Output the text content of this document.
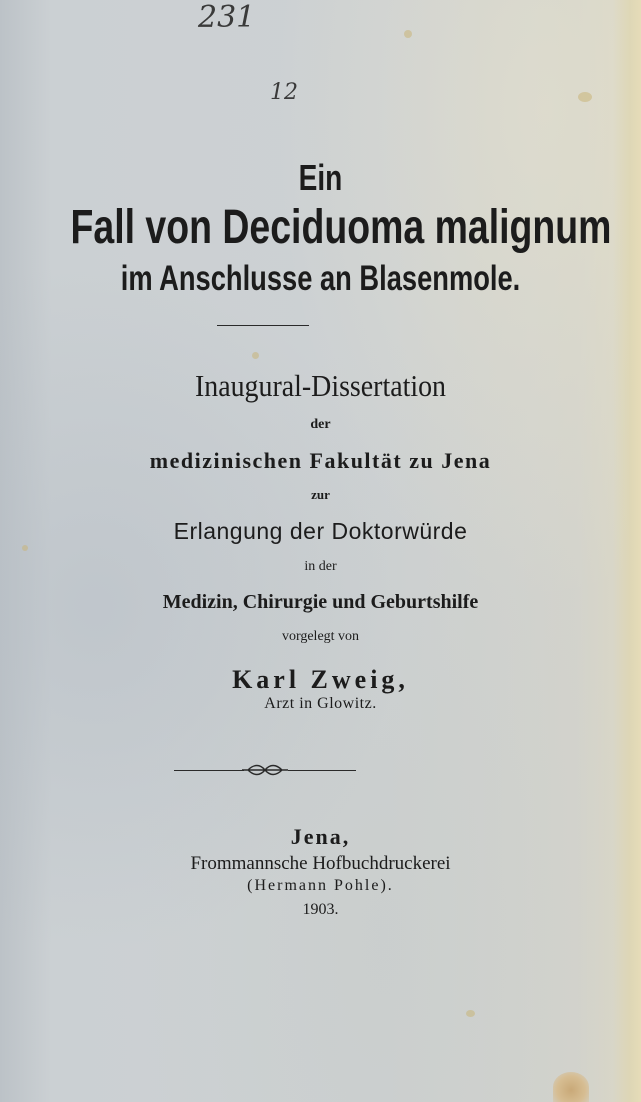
231
12
Ein
Fall von Deciduoma malignum
im Anschlusse an Blasenmole.
Inaugural-Dissertation
der
medizinischen Fakultät zu Jena
zur
Erlangung der Doktorwürde
in der
Medizin, Chirurgie und Geburtshilfe
vorgelegt von
Karl Zweig,
Arzt in Glowitz.
Jena,
Frommannsche Hofbuchdruckerei
(Hermann Pohle).
1903.
